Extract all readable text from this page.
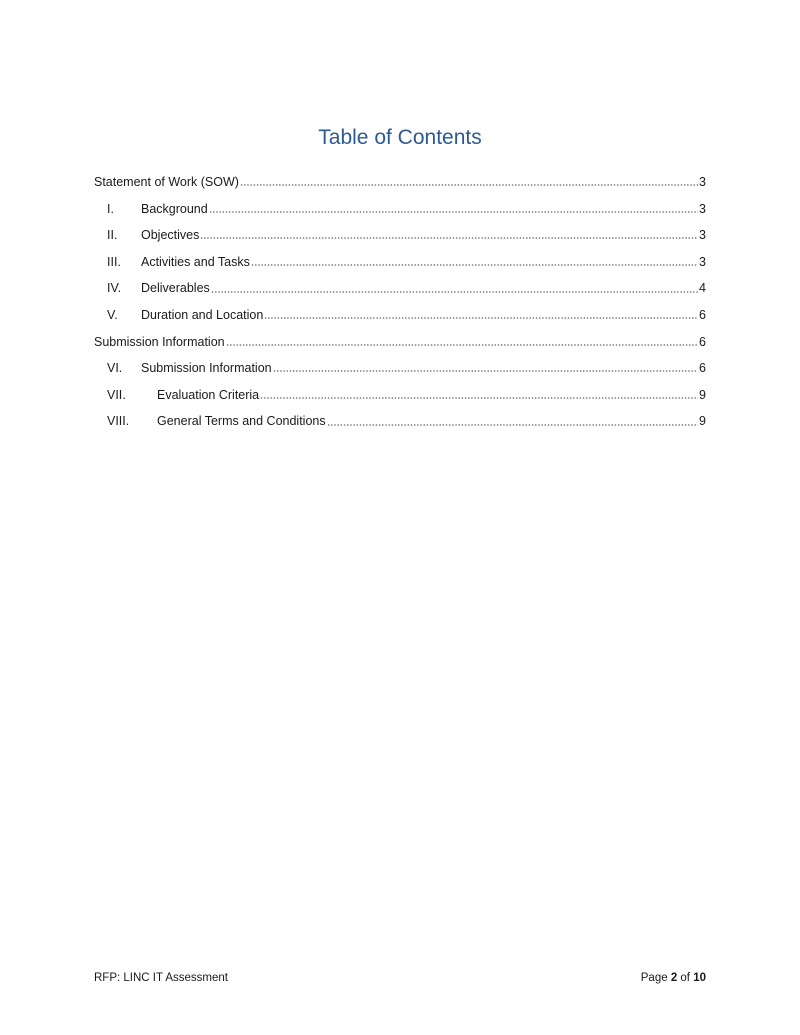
Table of Contents
Statement of Work (SOW)	3
I.	Background	3
II.	Objectives	3
III.	Activities and Tasks	3
IV.	Deliverables	4
V.	Duration and Location	6
Submission Information	6
VI.	Submission Information	6
VII.	Evaluation Criteria	9
VIII.	General Terms and Conditions	9
RFP: LINC IT Assessment	Page 2 of 10
